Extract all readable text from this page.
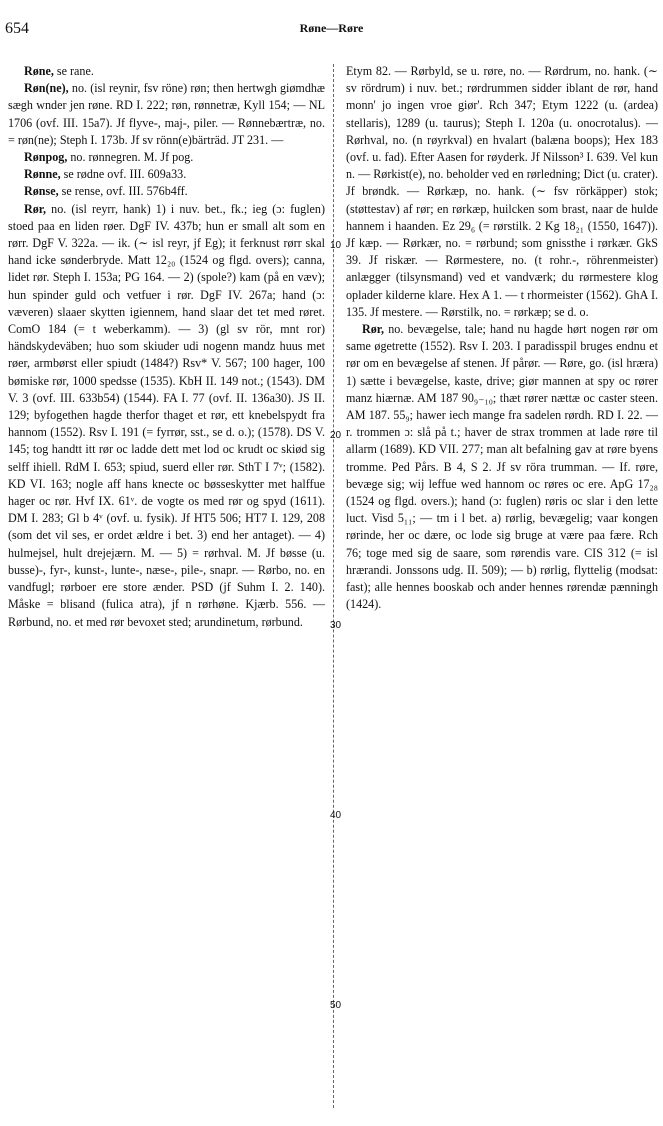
654	Røne—Røre
10
20
30
40
50

Røne, se rane.

Røn(ne), no. (isl reynir, fsv röne) røn; then hertwgh giømdhæ sægh wnder jen røne. RD I. 222; røn, rønnetræ, Kyll 154; — NL 1706 (ovf. III. 15a7). Jf flyve-, maj-, piler. — Rønnebærtræ, no. = røn(ne); Steph I. 173b. Jf sv rönn(e)bärträd. JT 231. —

Rønpog, no. rønnegren. M. Jf pog.

Rønne, se rødne ovf. III. 609a33.

Rønse, se rense, ovf. III. 576b4ff.

Rør, no. (isl reyrr, hank) 1) i nuv. bet., fk.; ieg (ɔ: fuglen) stoed paa en liden røer. DgF IV. 437b; hun er small alt som en rørr. DgF V. 322a. — ik. (∼ isl reyr, jf Eg); it ferknust rørr skal hand icke sønderbryde. Matt 12₂₀ (1524 og flgd. overs); canna, lidet rør. Steph I. 153a; PG 164. — 2) (spole?) kam (på en væv); hun spinder guld och vetfuer i rør. DgF IV. 267a; hand (ɔ: væveren) slaaer skytten igiennem, hand slaar det tet med røret. ComO 184 (= t weberkamm). — 3) (gl sv rör, mnt ror) händskydeväben; huo som skiuder udi nogenn mandz huus met røer, armbørst eller spiudt (1484?) Rsv* V. 567; 100 hager, 100 bømiske rør, 1000 spedsse (1535). KbH II. 149 not.; (1543). DM V. 3 (ovf. III. 633b54) (1544). FA I. 77 (ovf. II. 136a30). JS II. 129; byfogethen hagde therfor thaget et rør, ett knebelspydt fra hannom (1552). Rsv I. 191 (= fyrrør, sst., se d. o.); (1578). DS V. 145; tog handtt itt rør oc ladde dett met lod oc krudt oc skiød sig selff ihiell. RdM I. 653; spiud, suerd eller rør. SthT I 7ᵛ; (1582). KD VI. 163; nogle aff hans knecte oc bøsseskytter met halffue hager oc rør. Hvf IX. 61ᵛ. de vogte os med rør og spyd (1611). DM I. 283; Gl b 4ᵛ (ovf. u. fysik). Jf HT5 506; HT7 I. 129, 208 (som det vil ses, er ordet ældre i bet. 3) end her antaget). — 4) hulmejsel, hult drejejærn. M. — 5) = rørhval. M. Jf bøsse (u. busse)-, fyr-, kunst-, lunte-, næse-, pile-, snapr. — Rørbo, no. en vandfugl; rørboer ere store ænder. PSD (jf Suhm I. 2. 140). Måske = blisand (fulica atra), jf n rørhøne. Kjærb. 556. — Rørbund, no. et med rør bevoxet sted; arundinetum, rørbund.

Etym 82. — Rørbyld, se u. røre, no. — Rørdrum, no. hank. (∼ sv rördrum) i nuv. bet.; rørdrummen sidder iblant de rør, hand monn' jo ingen vroe giør'. Rch 347; Etym 1222 (u. (ardea) stellaris), 1289 (u. taurus); Steph I. 120a (u. onocrotalus). — Rørhval, no. (n røyrkval) en hvalart (balæna boops); Hex 183 (ovf. u. fad). Efter Aasen for røyderk. Jf Nilsson³ I. 639. Vel kun n. — Rørkist(e), no. beholder ved en rørledning; Dict (u. crater). Jf brøndk. — Rørkæp, no. hank. (∼ fsv rörkäpper) stok; (støttestav) af rør; en rørkæp, huilcken som brast, naar de hulde hannem i haanden. Ez 29₆ (= rørstilk. 2 Kg 18₂₁ (1550, 1647)). Jf kæp. — Rørkær, no. = rørbund; som gnissthe i rørkær. GkS 39. Jf riskær. — Rørmestere, no. (t rohr.-, röhrenmeister) anlægger (tilsynsmand) ved et vandværk; du rørmestere klog oplader kilderne klare. Hex A 1. — t rhormeister (1562). GhA I. 135. Jf mestere. — Rørstilk, no. = rørkæp; se d. o.

Rør, no. bevægelse, tale; hand nu hagde hørt nogen rør om same øgetrette (1552). Rsv I. 203. I paradisspil bruges endnu et rør om en bevægelse af stenen. Jf pårør. — Røre, go. (isl hræra) 1) sætte i bevægelse, kaste, drive; giør mannen at spy oc rører manz hiærnæ. AM 187 90₉₋₁₀; thæt rører nættæ oc caster steen. AM 187. 55₉; hawer iech mange fra sadelen rørdh. RD I. 22. — r. trommen ɔ: slå på t.; haver de strax trommen at lade røre til allarm (1689). KD VII. 277; man alt befalning gav at røre byens tromme. Ped Pårs. B 4, S 2. Jf sv röra trumman. — If. røre, bevæge sig; wij leffue wed hannom oc røres oc ere. ApG 17₂₈ (1524 og flgd. overs.); hand (ɔ: fuglen) røris oc slar i den lette luct. Visd 5₁₁; — tm i l bet. a) rørlig, bevægelig; vaar kongen rørinde, her oc dære, oc lode sig bruge at være paa fære. Rch 76; toge med sig de saare, som rørendis vare. CIS 312 (= isl hrærandi. Jonssons udg. II. 509); — b) rørlig, flyttelig (modsat: fast); alle hennes booskab och ander hennes rørendæ pænningh (1424).
